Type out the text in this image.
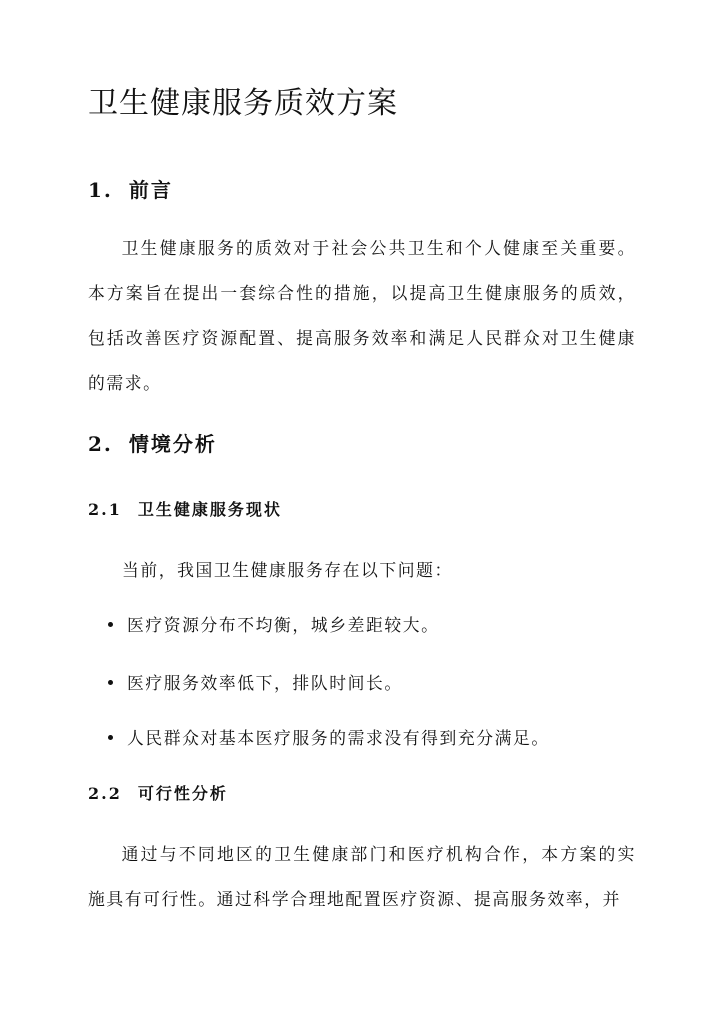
卫生健康服务质效方案
1. 前言

卫生健康服务的质效对于社会公共卫生和个人健康至关重要。本方案旨在提出一套综合性的措施，以提高卫生健康服务的质效，包括改善医疗资源配置、提高服务效率和满足人民群众对卫生健康的需求。

2. 情境分析
2.1 卫生健康服务现状

当前，我国卫生健康服务存在以下问题：

医疗资源分布不均衡，城乡差距较大。

医疗服务效率低下，排队时间长。

人民群众对基本医疗服务的需求没有得到充分满足。

2.2 可行性分析

通过与不同地区的卫生健康部门和医疗机构合作，本方案的实施具有可行性。通过科学合理地配置医疗资源、提高服务效率，并
